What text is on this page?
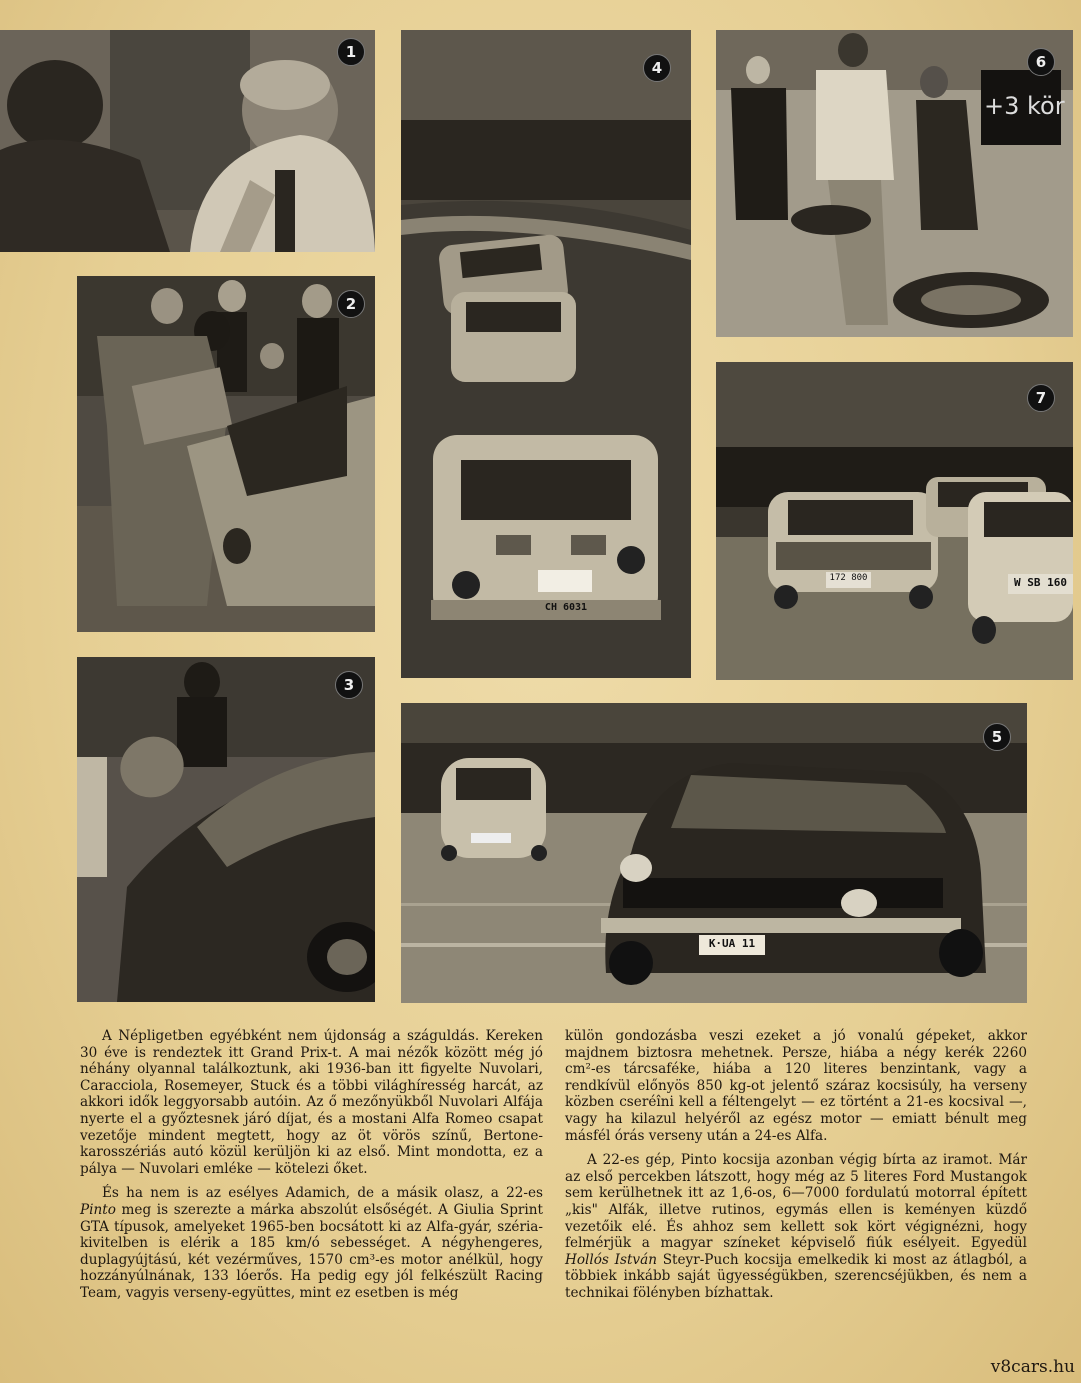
1
2
3
CH 6031
4
+3 kör
6
172 800	W SB 160
7
K·UA 11
5

A Népligetben egyébként nem újdonság a száguldás. Kereken 30 éve is rendeztek itt Grand Prix-t. A mai nézők között még jó néhány olyannal találkoztunk, aki 1936-ban itt figyelte Nuvolari, Caracciola, Rosemeyer, Stuck és a többi világhíresség harcát, az akkori idők leggyorsabb autóin. Az ő mezőnyükből Nuvolari Alfája nyerte el a győztesnek járó díjat, és a mostani Alfa Romeo csapat vezetője mindent megtett, hogy az öt vörös színű, Bertone-karosszériás autó közül kerüljön ki az első. Mint mondotta, ez a pálya — Nuvolari emléke — kötelezi őket.

És ha nem is az esélyes Adamich, de a másik olasz, a 22-es Pinto meg is szerezte a márka abszolút elsőségét. A Giulia Sprint GTA típusok, amelyeket 1965-ben bocsátott ki az Alfa-gyár, széria-kivitelben is elérik a 185 km/ó sebességet. A négyhengeres, duplagyújtású, két vezérműves, 1570 cm³-es motor anélkül, hogy hozzányúlnának, 133 lóerős. Ha pedig egy jól felkészült Racing Team, vagyis verseny-együttes, mint ez esetben is még

külön gondozásba veszi ezeket a jó vonalú gépeket, akkor majdnem biztosra mehetnek. Persze, hiába a négy kerék 2260 cm²-es tárcsaféke, hiába a 120 literes benzintank, vagy a rendkívül előnyös 850 kg-ot jelentő száraz kocsisúly, ha verseny közben cseréîni kell a féltengelyt — ez történt a 21-es kocsival —, vagy ha kilazul helyéről az egész motor — emiatt bénult meg másfél órás verseny után a 24-es Alfa.

A 22-es gép, Pinto kocsija azonban végig bírta az iramot. Már az első percekben látszott, hogy még az 5 literes Ford Mustangok sem kerülhetnek itt az 1,6-os, 6—7000 fordulatú motorral épített „kis" Alfák, illetve rutinos, egymás ellen is keményen küzdő vezetőik elé. És ahhoz sem kellett sok kört végignézni, hogy felmérjük a magyar színeket képviselő fiúk esélyeit. Egyedül Hollós István Steyr-Puch kocsija emelkedik ki most az átlagból, a többiek inkább saját ügyességükben, szerencséjükben, és nem a technikai fölényben bízhattak.

v8cars.hu
